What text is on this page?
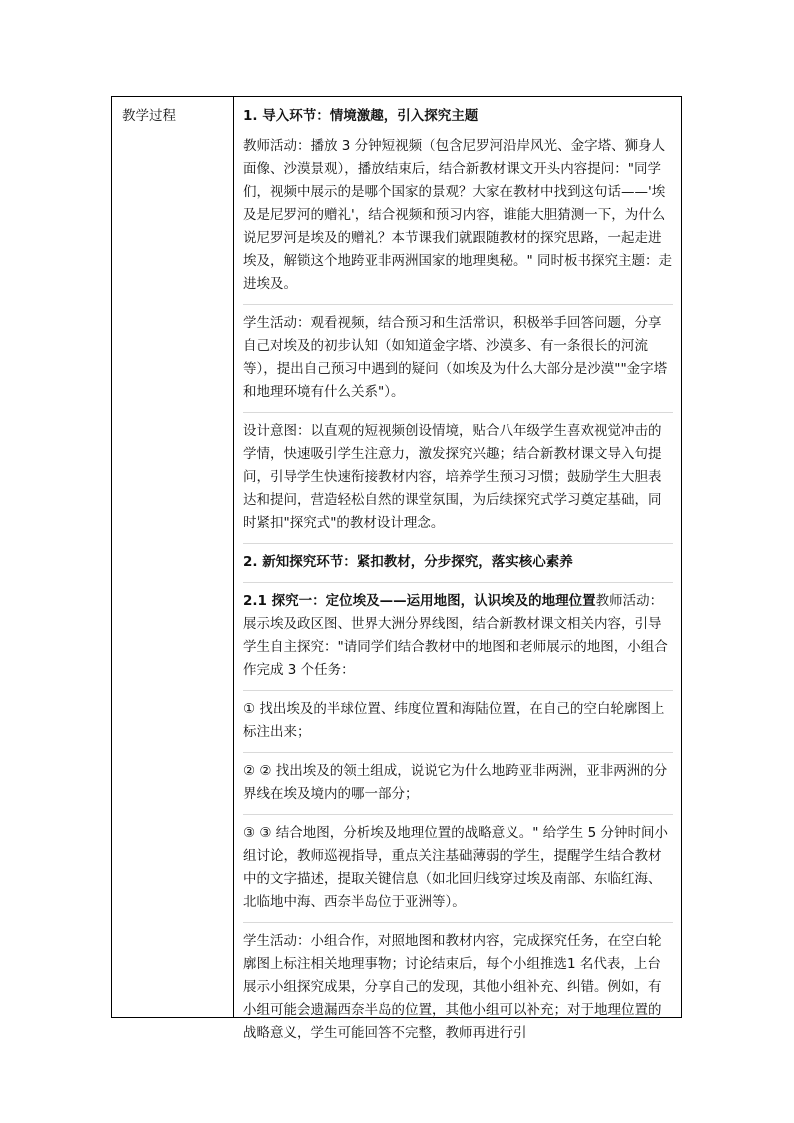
教学过程	1. 导入环节：情境激趣，引入探究主题

教师活动：播放 3 分钟短视频（包含尼罗河沿岸风光、金字塔、狮身人面像、沙漠景观），播放结束后，结合新教材课文开头内容提问："同学们，视频中展示的是哪个国家的景观？大家在教材中找到这句话——'埃及是尼罗河的赠礼'，结合视频和预习内容，谁能大胆猜测一下，为什么说尼罗河是埃及的赠礼？本节课我们就跟随教材的探究思路，一起走进埃及，解锁这个地跨亚非两洲国家的地理奥秘。" 同时板书探究主题：走进埃及。

学生活动：观看视频，结合预习和生活常识，积极举手回答问题，分享自己对埃及的初步认知（如知道金字塔、沙漠多、有一条很长的河流等），提出自己预习中遇到的疑问（如埃及为什么大部分是沙漠""金字塔和地理环境有什么关系"）。

设计意图：以直观的短视频创设情境，贴合八年级学生喜欢视觉冲击的学情，快速吸引学生注意力，激发探究兴趣；结合新教材课文导入句提问，引导学生快速衔接教材内容，培养学生预习习惯；鼓励学生大胆表达和提问，营造轻松自然的课堂氛围，为后续探究式学习奠定基础，同时紧扣"探究式"的教材设计理念。

2. 新知探究环节：紧扣教材，分步探究，落实核心素养

2.1 探究一：定位埃及——运用地图，认识埃及的地理位置教师活动：展示埃及政区图、世界大洲分界线图，结合新教材课文相关内容，引导学生自主探究："请同学们结合教材中的地图和老师展示的地图，小组合作完成 3 个任务：

① 找出埃及的半球位置、纬度位置和海陆位置，在自己的空白轮廓图上标注出来；

② ② 找出埃及的领土组成，说说它为什么地跨亚非两洲，亚非两洲的分界线在埃及境内的哪一部分；

③ ③ 结合地图，分析埃及地理位置的战略意义。" 给学生 5 分钟时间小组讨论，教师巡视指导，重点关注基础薄弱的学生，提醒学生结合教材中的文字描述，提取关键信息（如北回归线穿过埃及南部、东临红海、北临地中海、西奈半岛位于亚洲等）。

学生活动：小组合作，对照地图和教材内容，完成探究任务，在空白轮廓图上标注相关地理事物；讨论结束后，每个小组推选1 名代表，上台展示小组探究成果，分享自己的发现，其他小组补充、纠错。例如，有小组可能会遗漏西奈半岛的位置，其他小组可以补充；对于地理位置的战略意义，学生可能回答不完整，教师再进行引
